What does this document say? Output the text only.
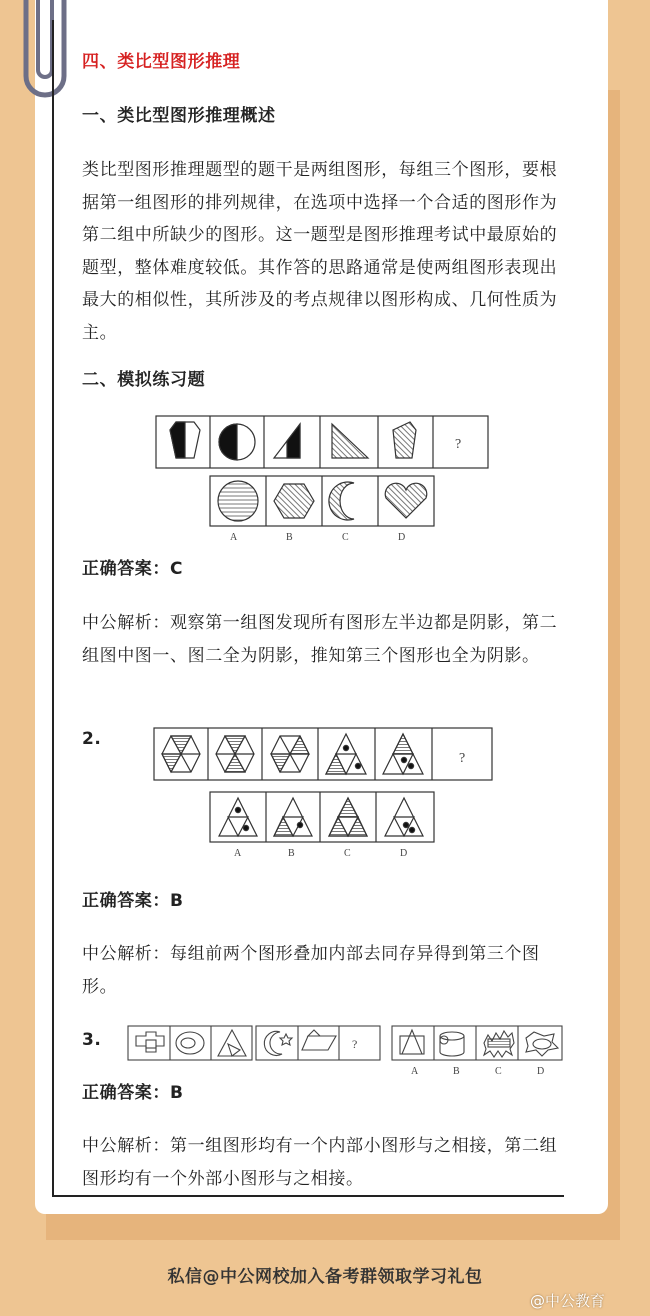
四、类比型图形推理
一、类比型图形推理概述
类比型图形推理题型的题干是两组图形，每组三个图形，要根据第一组图形的排列规律，在选项中选择一个合适的图形作为第二组中所缺少的图形。这一题型是图形推理考试中最原始的题型，整体难度较低。其作答的思路通常是使两组图形表现出最大的相似性，其所涉及的考点规律以图形构成、几何性质为主。
二、模拟练习题
?
A	B	C	D
正确答案：C
中公解析：观察第一组图发现所有图形左半边都是阴影，第二组图中图一、图二全为阴影，推知第三个图形也全为阴影。
2.
?
A	B	C	D
正确答案：B
中公解析：每组前两个图形叠加内部去同存异得到第三个图形。
3.	?
A	B	C	D
正确答案：B
中公解析：第一组图形均有一个内部小图形与之相接，第二组图形均有一个外部小图形与之相接。
私信@中公网校加入备考群领取学习礼包
@中公教育
